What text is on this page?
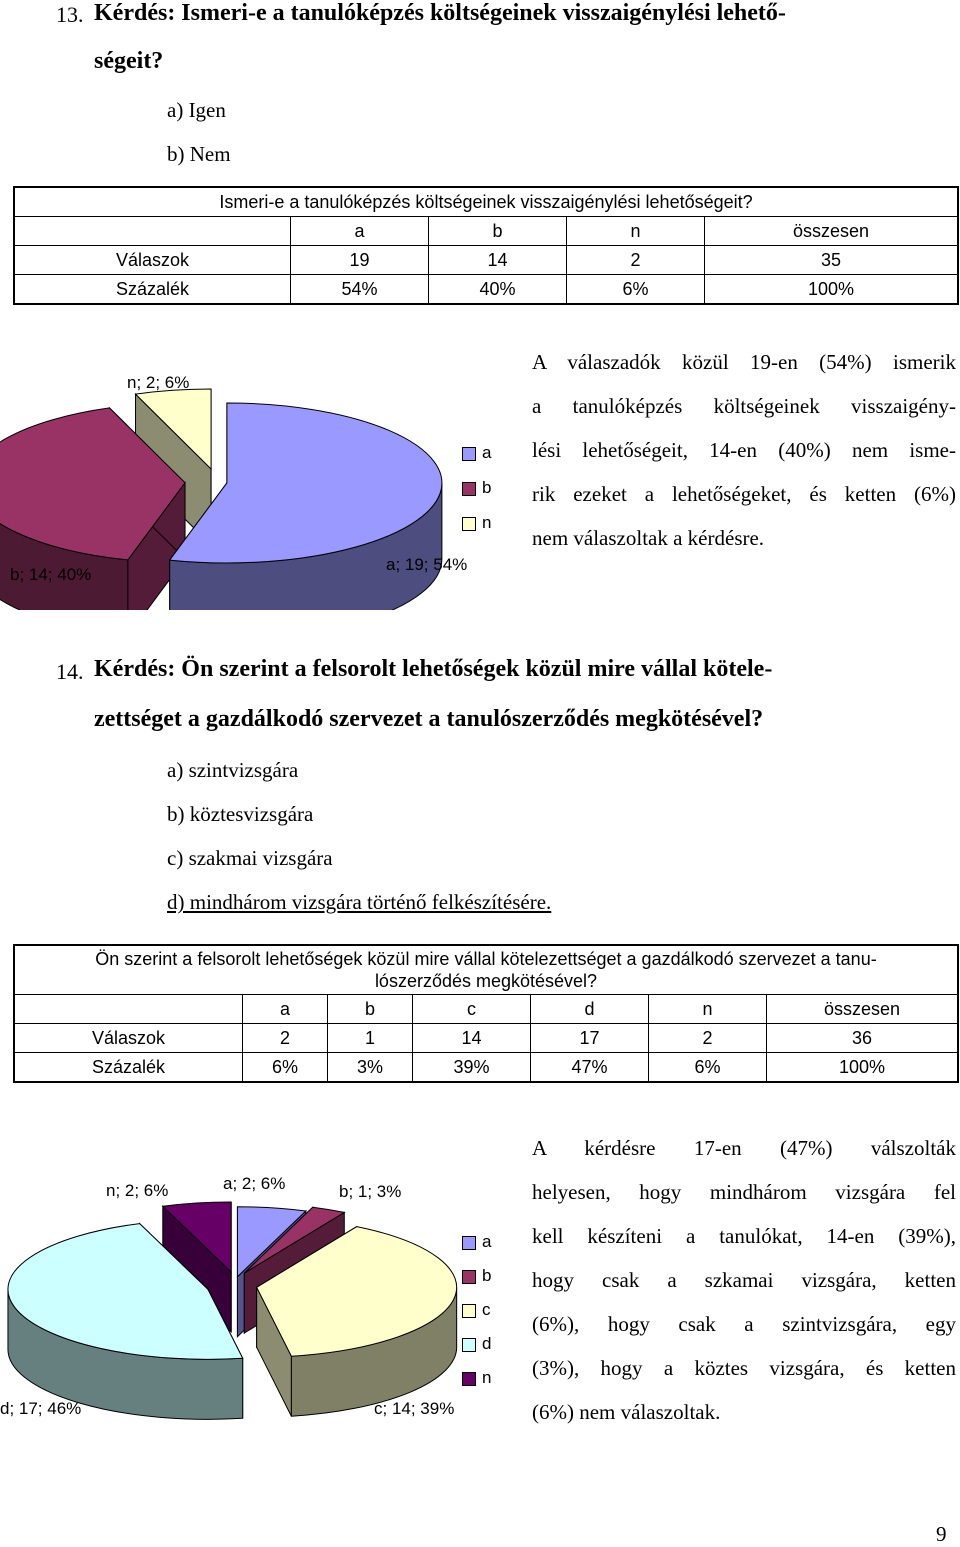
13. Kérdés: Ismeri-e a tanulóképzés költségeinek visszaigénylési lehető-
ségeit?
a) Igen
b) Nem
Ismeri-e a tanulóképzés költségeinek visszaigénylési lehetőségeit?				
	a	b	n	összesen
Válaszok	19	14	2	35
Százalék	54%	40%	6%	100%
n; 2; 6%
b; 14; 40%
a; 19; 54%
a
b
n
A válaszadók közül 19-en (54%) ismerik
a tanulóképzés költségeinek visszaigény-
lési lehetőségeit, 14-en (40%) nem isme-
rik ezeket a lehetőségeket, és ketten (6%)
nem válaszoltak a kérdésre.
14. Kérdés: Ön szerint a felsorolt lehetőségek közül mire vállal kötele-
zettséget a gazdálkodó szervezet a tanulószerződés megkötésével?
a) szintvizsgára
b) köztesvizsgára
c) szakmai vizsgára
d) mindhárom vizsgára történő felkészítésére.
Ön szerint a felsorolt lehetőségek közül mire vállal kötelezettséget a gazdálkodó szervezet a tanu-
lószerződés megkötésével?						

	a	b	c	d	n	összesen
Válaszok	2	1	14	17	2	36
Százalék	6%	3%	39%	47%	6%	100%
n; 2; 6%	a; 2; 6%	b; 1; 3%
d; 17; 46%	c; 14; 39%
a
b
c
d
n
A kérdésre 17-en (47%) válszolták
helyesen, hogy mindhárom vizsgára fel
kell készíteni a tanulókat, 14-en (39%),
hogy csak a szkamai vizsgára, ketten
(6%), hogy csak a szintvizsgára, egy
(3%), hogy a köztes vizsgára, és ketten
(6%) nem válaszoltak.
9
